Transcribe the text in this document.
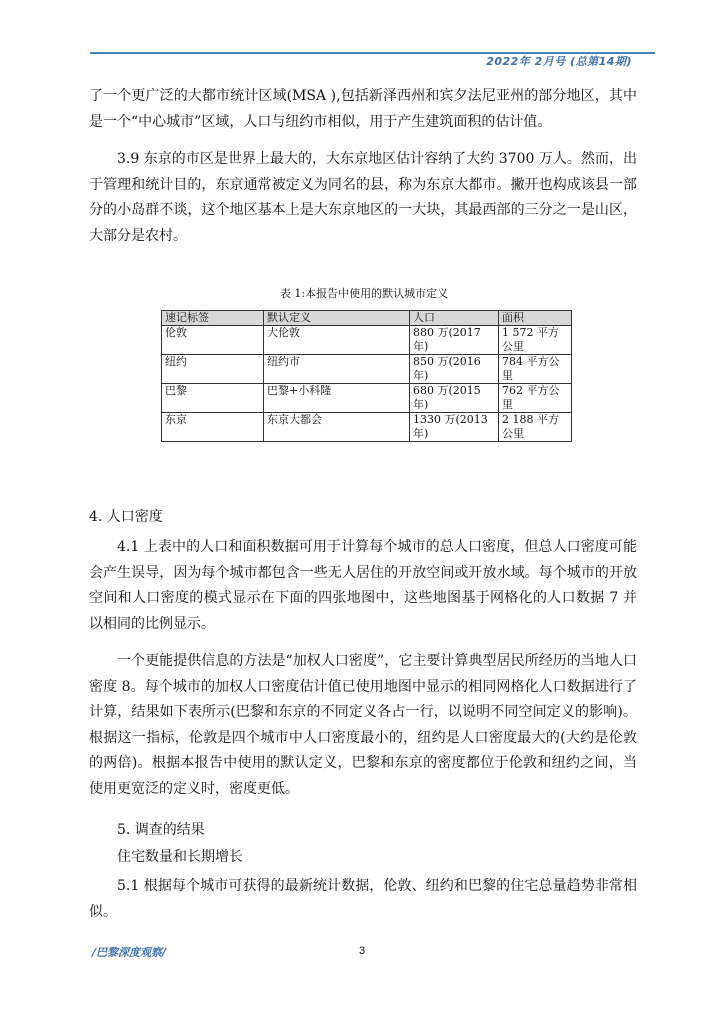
2022年 2月号 (总第14期)

了一个更广泛的大都市统计区域(MSA ),包括新泽西州和宾夕法尼亚州的部分地区，其中是一个“中心城市”区域，人口与纽约市相似，用于产生建筑面积的估计值。

3.9 东京的市区是世界上最大的，大东京地区估计容纳了大约 3700 万人。然而，出于管理和统计目的，东京通常被定义为同名的县，称为东京大都市。撇开也构成该县一部分的小岛群不谈，这个地区基本上是大东京地区的一大块，其最西部的三分之一是山区，大部分是农村。

表 1:本报告中使用的默认城市定义
速记标签	默认定义	人口	面积
伦敦	大伦敦	880 万(2017年)	1 572 平方公里
纽约	纽约市	850 万(2016年)	784 平方公里
巴黎	巴黎+小科隆	680 万(2015年)	762 平方公里
东京	东京大都会	1330 万(2013年)	2 188 平方公里

4. 人口密度

4.1 上表中的人口和面积数据可用于计算每个城市的总人口密度，但总人口密度可能会产生误导，因为每个城市都包含一些无人居住的开放空间或开放水域。每个城市的开放空间和人口密度的模式显示在下面的四张地图中，这些地图基于网格化的人口数据 7 并以相同的比例显示。

一个更能提供信息的方法是“加权人口密度”，它主要计算典型居民所经历的当地人口密度 8。每个城市的加权人口密度估计值已使用地图中显示的相同网格化人口数据进行了计算，结果如下表所示(巴黎和东京的不同定义各占一行，以说明不同空间定义的影响)。根据这一指标，伦敦是四个城市中人口密度最小的，纽约是人口密度最大的(大约是伦敦的两倍)。根据本报告中使用的默认定义，巴黎和东京的密度都位于伦敦和纽约之间，当使用更宽泛的定义时，密度更低。

5. 调查的结果

住宅数量和长期增长

5.1 根据每个城市可获得的最新统计数据，伦敦、纽约和巴黎的住宅总量趋势非常相似。

/巴黎深度观察/	3
